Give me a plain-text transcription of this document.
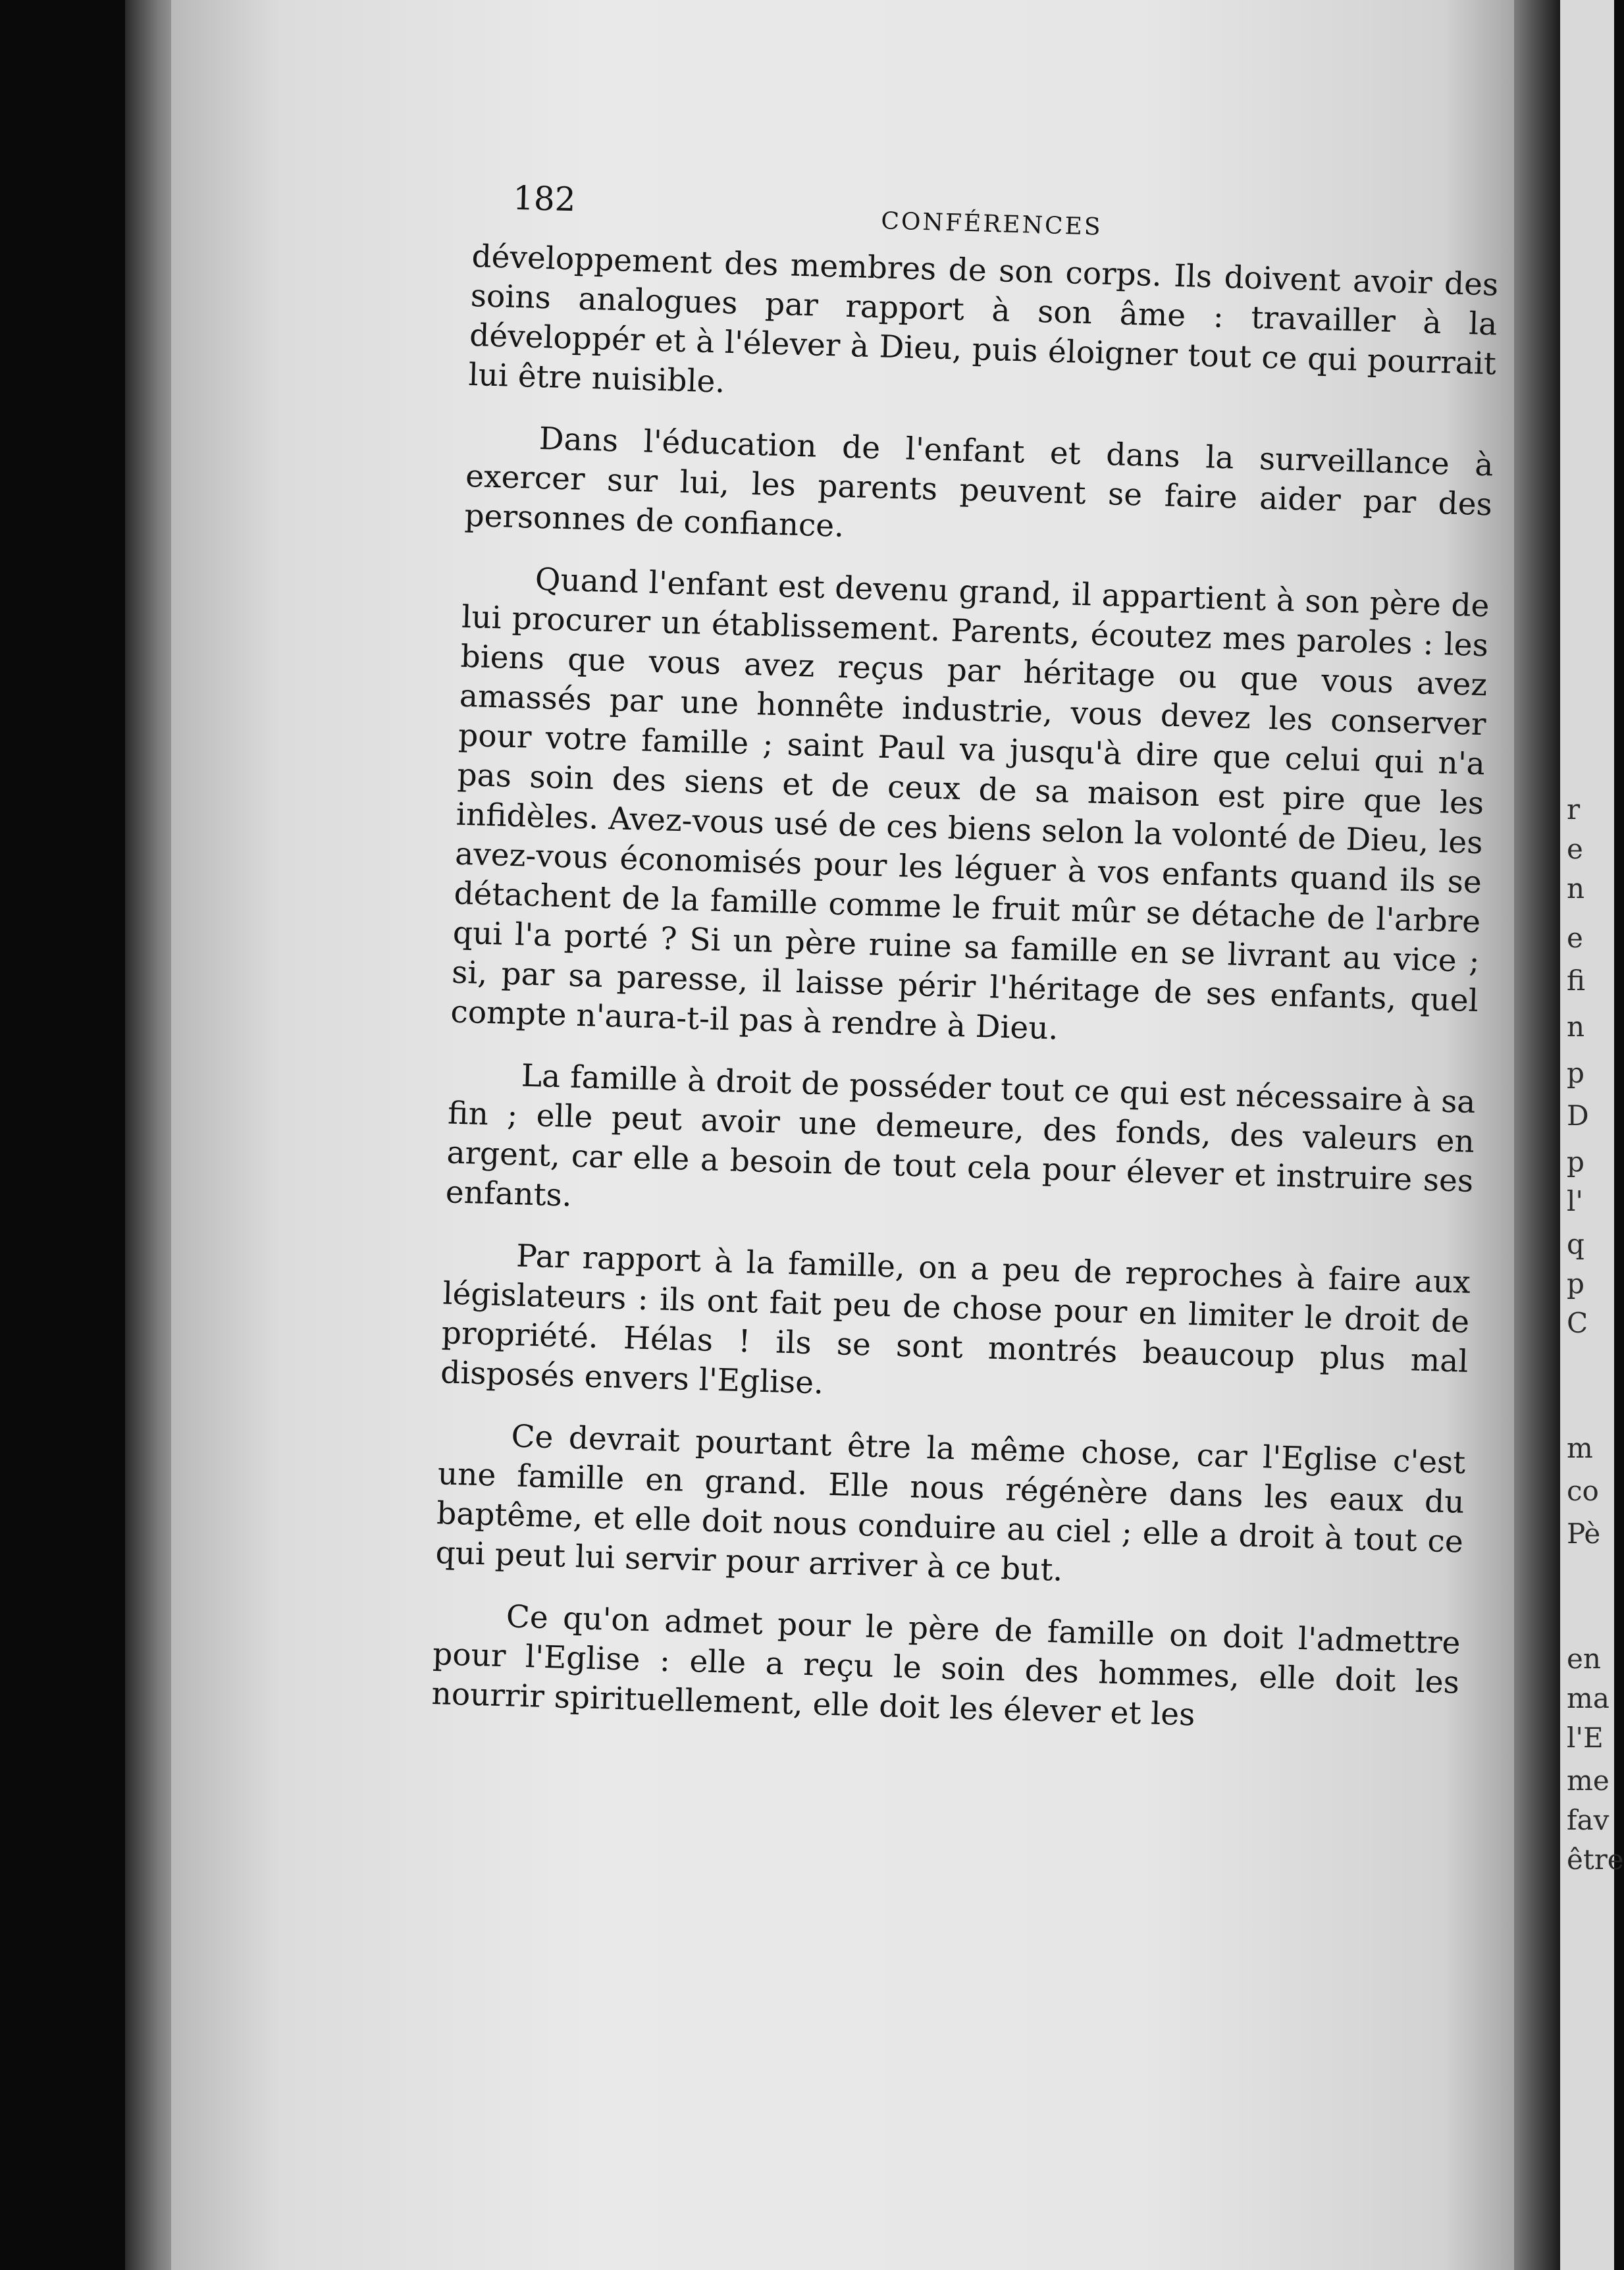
r
e
n
e
fi
n
p
D
p
l'
q
p
C
m
co
Pè
en
ma
l'E
me
fav
être
182
CONFÉRENCES

développement des membres de son corps. Ils doivent avoir des soins analogues par rapport à son âme : travailler à la développér et à l'élever à Dieu, puis éloigner tout ce qui pourrait lui être nuisible.

Dans l'éducation de l'enfant et dans la surveillance à exercer sur lui, les parents peuvent se faire aider par des personnes de confiance.

Quand l'enfant est devenu grand, il appartient à son père de lui procurer un établissement. Parents, écoutez mes paroles : les biens que vous avez reçus par héritage ou que vous avez amassés par une honnête industrie, vous devez les conserver pour votre famille ; saint Paul va jusqu'à dire que celui qui n'a pas soin des siens et de ceux de sa maison est pire que les infidèles. Avez-vous usé de ces biens selon la volonté de Dieu, les avez-vous économisés pour les léguer à vos enfants quand ils se détachent de la famille comme le fruit mûr se détache de l'arbre qui l'a porté ? Si un père ruine sa famille en se livrant au vice ; si, par sa paresse, il laisse périr l'héritage de ses enfants, quel compte n'aura-t-il pas à rendre à Dieu.

La famille à droit de posséder tout ce qui est nécessaire à sa fin ; elle peut avoir une demeure, des fonds, des valeurs en argent, car elle a besoin de tout cela pour élever et instruire ses enfants.

Par rapport à la famille, on a peu de reproches à faire aux législateurs : ils ont fait peu de chose pour en limiter le droit de propriété. Hélas ! ils se sont montrés beaucoup plus mal disposés envers l'Eglise.

Ce devrait pourtant être la même chose, car l'Eglise c'est une famille en grand. Elle nous régénère dans les eaux du baptême, et elle doit nous conduire au ciel ; elle a droit à tout ce qui peut lui servir pour arriver à ce but.

Ce qu'on admet pour le père de famille on doit l'admettre pour l'Eglise : elle a reçu le soin des hommes, elle doit les nourrir spirituellement, elle doit les élever et les
